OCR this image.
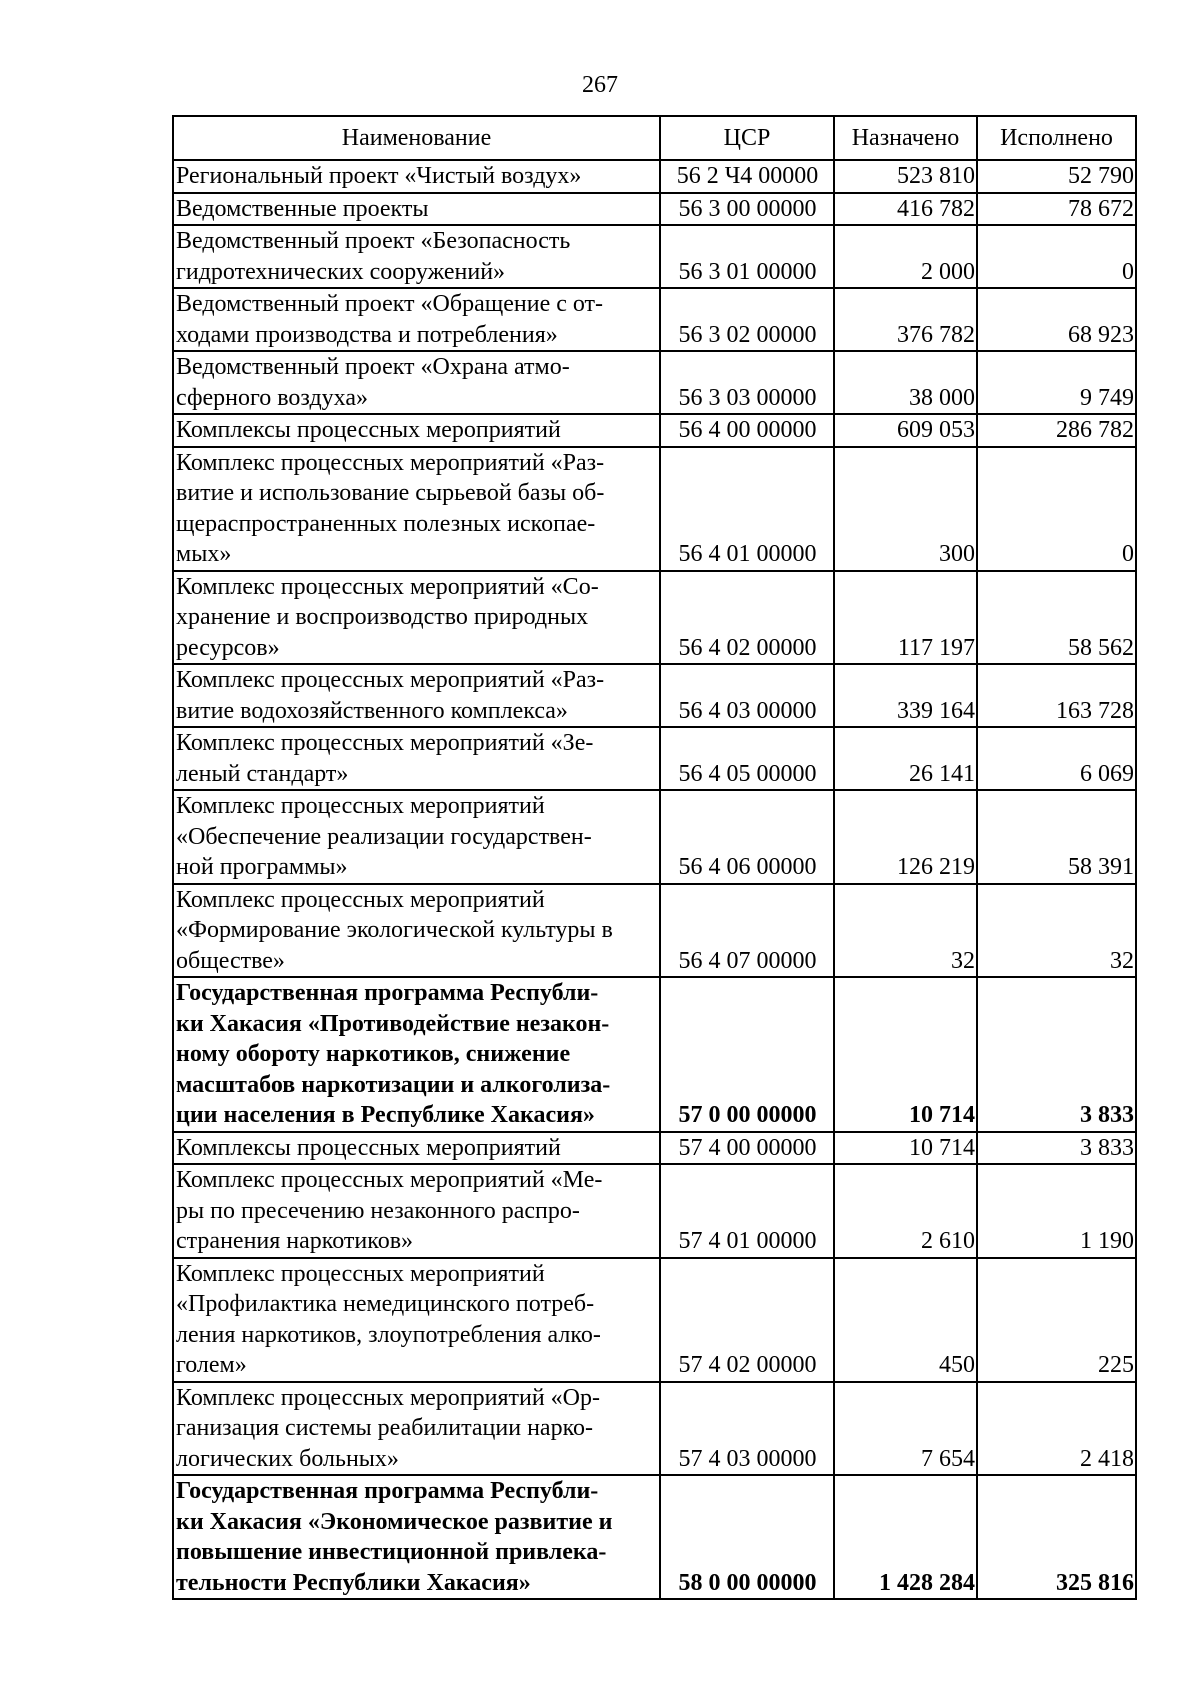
267
Наименование	ЦСР	Назначено	Исполнено

Региональный проект «Чистый воздух»	56 2 Ч4 00000	523 810	52 790

Ведомственные проекты	56 3 00 00000	416 782	78 672

Ведомственный проект «Безопасность
гидротехнических сооружений»	56 3 01 00000	2 000	0

Ведомственный проект «Обращение с от-
ходами производства и потребления»	56 3 02 00000	376 782	68 923

Ведомственный проект «Охрана атмо-
сферного воздуха»	56 3 03 00000	38 000	9 749

Комплексы процессных мероприятий	56 4 00 00000	609 053	286 782

Комплекс процессных мероприятий «Раз-
витие и использование сырьевой базы об-
щераспространенных полезных ископае-
мых»	56 4 01 00000	300	0

Комплекс процессных мероприятий «Со-
хранение и воспроизводство природных
ресурсов»	56 4 02 00000	117 197	58 562

Комплекс процессных мероприятий «Раз-
витие водохозяйственного комплекса»	56 4 03 00000	339 164	163 728

Комплекс процессных мероприятий «Зе-
леный стандарт»	56 4 05 00000	26 141	6 069

Комплекс процессных мероприятий
«Обеспечение реализации государствен-
ной программы»	56 4 06 00000	126 219	58 391

Комплекс процессных мероприятий
«Формирование экологической культуры в
обществе»	56 4 07 00000	32	32

Государственная программа Республи-
ки Хакасия «Противодействие незакон-
ному обороту наркотиков, снижение
масштабов наркотизации и алкоголиза-
ции населения в Республике Хакасия»	57 0 00 00000	10 714	3 833

Комплексы процессных мероприятий	57 4 00 00000	10 714	3 833

Комплекс процессных мероприятий «Ме-
ры по пресечению незаконного распро-
странения наркотиков»	57 4 01 00000	2 610	1 190

Комплекс процессных мероприятий
«Профилактика немедицинского потреб-
ления наркотиков, злоупотребления алко-
голем»	57 4 02 00000	450	225

Комплекс процессных мероприятий «Ор-
ганизация системы реабилитации нарко-
логических больных»	57 4 03 00000	7 654	2 418

Государственная программа Республи-
ки Хакасия «Экономическое развитие и
повышение инвестиционной привлека-
тельности Республики Хакасия»	58 0 00 00000	1 428 284	325 816
